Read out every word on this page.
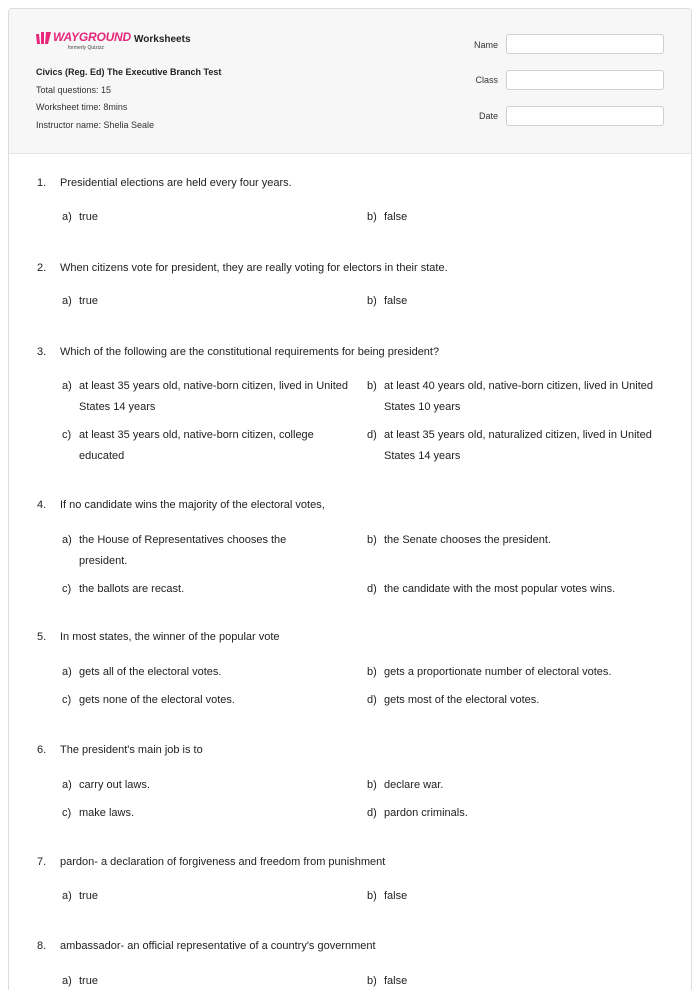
WAYGROUND
formerly Quizizz
Worksheets
Civics (Reg. Ed) The Executive Branch Test
Total questions: 15
Worksheet time: 8mins
Instructor name: Shelia Seale
Name
Class
Date
1. Presidential elections are held every four years.
a) true	b) false
2. When citizens vote for president, they are really voting for electors in their state.
a) true	b) false
3. Which of the following are the constitutional requirements for being president?
a) at least 35 years old, native-born citizen, lived in United States 14 years
b) at least 40 years old, native-born citizen, lived in United States 10 years
c) at least 35 years old, native-born citizen, college educated
d) at least 35 years old, naturalized citizen, lived in United States 14 years
4. If no candidate wins the majority of the electoral votes,
a) the House of Representatives chooses the president.
b) the Senate chooses the president.
c) the ballots are recast.	d) the candidate with the most popular votes wins.
5. In most states, the winner of the popular vote
a) gets all of the electoral votes.	b) gets a proportionate number of electoral votes.
c) gets none of the electoral votes.	d) gets most of the electoral votes.
6. The president's main job is to
a) carry out laws.	b) declare war.
c) make laws.	d) pardon criminals.
7. pardon- a declaration of forgiveness and freedom from punishment
a) true	b) false
8. ambassador- an official representative of a country's government
a) true	b) false
